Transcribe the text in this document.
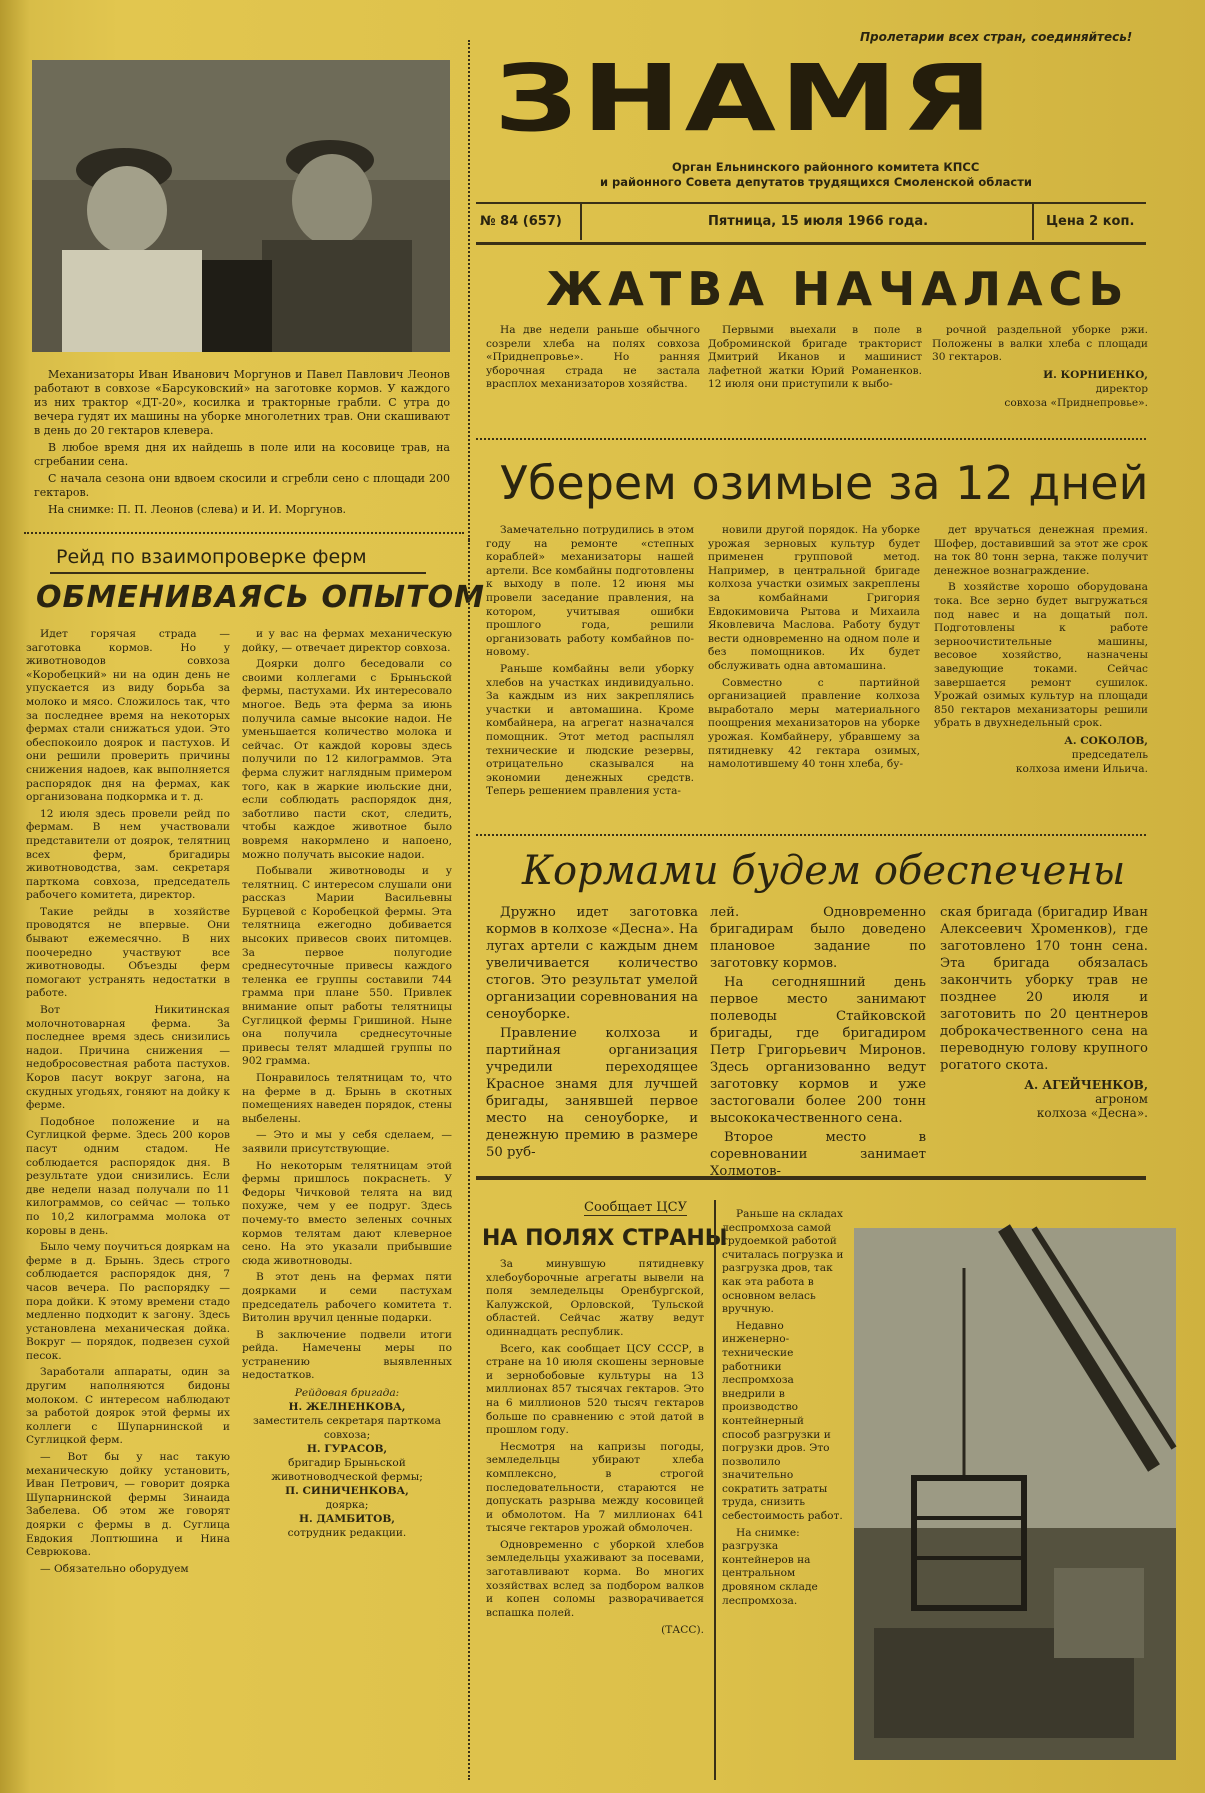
Механизаторы Иван Иванович Моргунов и Павел Павлович Леонов работают в совхозе «Барсуковский» на заготовке кормов. У каждого из них трактор «ДТ-20», косилка и тракторные грабли. С утра до вечера гудят их машины на уборке многолетних трав. Они скашивают в день до 20 гектаров клевера.

В любое время дня их найдешь в поле или на косовице трав, на сгребании сена.

С начала сезона они вдвоем скосили и сгребли сено с площади 200 гектаров.

На снимке: П. П. Леонов (слева) и И. И. Моргунов.

Пролетарии всех стран, соединяйтесь!
ЗНАМЯ
Орган Ельнинского районного комитета КПСС
и районного Совета депутатов трудящихся Смоленской области
№ 84 (657)	Пятница, 15 июля 1966 года.	Цена 2 коп.
ЖАТВА НАЧАЛАСЬ

На две недели раньше обычного созрели хлеба на полях совхоза «Приднепровье». Но ранняя уборочная страда не застала врасплох механизаторов хозяйства.

Первыми выехали в поле в Доброминской бригаде тракторист Дмитрий Иканов и машинист лафетной жатки Юрий Романенков. 12 июля они приступили к выбо-

рочной раздельной уборке ржи. Положены в валки хлеба с площади 30 гектаров.

И. КОРНИЕНКО,
директор
совхоза «Приднепровье».
Уберем озимые за 12 дней

Замечательно потрудились в этом году на ремонте «степных кораблей» механизаторы нашей артели. Все комбайны подготовлены к выходу в поле. 12 июня мы провели заседание правления, на котором, учитывая ошибки прошлого года, решили организовать работу комбайнов по-новому.

Раньше комбайны вели уборку хлебов на участках индивидуально. За каждым из них закреплялись участки и автомашина. Кроме комбайнера, на агрегат назначался помощник. Этот метод распылял технические и людские резервы, отрицательно сказывался на экономии денежных средств. Теперь решением правления уста-

новили другой порядок. На уборке урожая зерновых культур будет применен групповой метод. Например, в центральной бригаде колхоза участки озимых закреплены за комбайнами Григория Евдокимовича Рытова и Михаила Яковлевича Маслова. Работу будут вести одновременно на одном поле и без помощников. Их будет обслуживать одна автомашина.

Совместно с партийной организацией правление колхоза выработало меры материального поощрения механизаторов на уборке урожая. Комбайнеру, убравшему за пятидневку 42 гектара озимых, намолотившему 40 тонн хлеба, бу-

дет вручаться денежная премия. Шофер, доставивший за этот же срок на ток 80 тонн зерна, также получит денежное вознаграждение.

В хозяйстве хорошо оборудована тока. Все зерно будет выгружаться под навес и на дощатый пол. Подготовлены к работе зерноочистительные машины, весовое хозяйство, назначены заведующие токами. Сейчас завершается ремонт сушилок. Урожай озимых культур на площади 850 гектаров механизаторы решили убрать в двухнедельный срок.

А. СОКОЛОВ,
председатель
колхоза имени Ильича.
Кормами будем обеспечены

Дружно идет заготовка кормов в колхозе «Десна». На лугах артели с каждым днем увеличивается количество стогов. Это результат умелой организации соревнования на сеноуборке.

Правление колхоза и партийная организация учредили переходящее Красное знамя для лучшей бригады, занявшей первое место на сеноуборке, и денежную премию в размере 50 руб-

лей. Одновременно бригадирам было доведено плановое задание по заготовку кормов.

На сегодняшний день первое место занимают полеводы Стайковской бригады, где бригадиром Петр Григорьевич Миронов. Здесь организованно ведут заготовку кормов и уже застоговали более 200 тонн высококачественного сена.

Второе место в соревновании занимает Холмотов-

ская бригада (бригадир Иван Алексеевич Хроменков), где заготовлено 170 тонн сена. Эта бригада обязалась закончить уборку трав не позднее 20 июля и заготовить по 20 центнеров доброкачественного сена на переводную голову крупного рогатого скота.

А. АГЕЙЧЕНКОВ,
агроном
колхоза «Десна».
Рейд по взаимопроверке ферм
ОБМЕНИВАЯСЬ ОПЫТОМ

Идет горячая страда — заготовка кормов. Но у животноводов совхоза «Коробецкий» ни на один день не упускается из виду борьба за молоко и мясо. Сложилось так, что за последнее время на некоторых фермах стали снижаться удои. Это обеспокоило доярок и пастухов. И они решили проверить причины снижения надоев, как выполняется распорядок дня на фермах, как организована подкормка и т. д.

12 июля здесь провели рейд по фермам. В нем участвовали представители от доярок, телятниц всех ферм, бригадиры животноводства, зам. секретаря парткома совхоза, председатель рабочего комитета, директор.

Такие рейды в хозяйстве проводятся не впервые. Они бывают ежемесячно. В них поочередно участвуют все животноводы. Объезды ферм помогают устранять недостатки в работе.

Вот Никитинская молочнотоварная ферма. За последнее время здесь снизились надои. Причина снижения — недобросовестная работа пастухов. Коров пасут вокруг загона, на скудных угодьях, гоняют на дойку к ферме.

Подобное положение и на Суглицкой ферме. Здесь 200 коров пасут одним стадом. Не соблюдается распорядок дня. В результате удои снизились. Если две недели назад получали по 11 килограммов, со сейчас — только по 10,2 килограмма молока от коровы в день.

Было чему поучиться дояркам на ферме в д. Брынь. Здесь строго соблюдается распорядок дня, 7 часов вечера. По распорядку — пора дойки. К этому времени стадо медленно подходит к загону. Здесь установлена механическая дойка. Вокруг — порядок, подвезен сухой песок.

Заработали аппараты, один за другим наполняются бидоны молоком. С интересом наблюдают за работой доярок этой фермы их коллеги с Шупарнинской и Суглицкой ферм.

— Вот бы у нас такую механическую дойку установить, Иван Петрович, — говорит доярка Шупарнинской фермы Зинаида Забелева. Об этом же говорят доярки с фермы в д. Суглица Евдокия Лоптюшина и Нина Севрюкова.

— Обязательно оборудуем

и у вас на фермах механическую дойку, — отвечает директор совхоза.

Доярки долго беседовали со своими коллегами с Брыньской фермы, пастухами. Их интересовало многое. Ведь эта ферма за июнь получила самые высокие надои. Не уменьшается количество молока и сейчас. От каждой коровы здесь получили по 12 килограммов. Эта ферма служит наглядным примером того, как в жаркие июльские дни, если соблюдать распорядок дня, заботливо пасти скот, следить, чтобы каждое животное было вовремя накормлено и напоено, можно получать высокие надои.

Побывали животноводы и у телятниц. С интересом слушали они рассказ Марии Васильевны Бурцевой с Коробецкой фермы. Эта телятница ежегодно добивается высоких привесов своих питомцев. За первое полугодие среднесуточные привесы каждого теленка ее группы составили 744 грамма при плане 550. Привлек внимание опыт работы телятницы Суглицкой фермы Гришиной. Ныне она получила среднесуточные привесы телят младшей группы по 902 грамма.

Понравилось телятницам то, что на ферме в д. Брынь в скотных помещениях наведен порядок, стены выбелены.

— Это и мы у себя сделаем, — заявили присутствующие.

Но некоторым телятницам этой фермы пришлось покраснеть. У Федоры Чичковой телята на вид похуже, чем у ее подруг. Здесь почему-то вместо зеленых сочных кормов телятам дают клеверное сено. На это указали прибывшие сюда животноводы.

В этот день на фермах пяти доярками и семи пастухам председатель рабочего комитета т. Витолин вручил ценные подарки.

В заключение подвели итоги рейда. Намечены меры по устранению выявленных недостатков.

Рейдовая бригада:
Н. ЖЕЛНЕНКОВА,
заместитель секретаря парткома совхоза;
Н. ГУРАСОВ,
бригадир Брыньской животноводческой фермы;
П. СИНИЧЕНКОВА,
доярка;
Н. ДАМБИТОВ,
сотрудник редакции.
Сообщает ЦСУ
НА ПОЛЯХ СТРАНЫ

За минувшую пятидневку хлебоуборочные агрегаты вывели на поля земледельцы Оренбургской, Калужской, Орловской, Тульской областей. Сейчас жатву ведут одиннадцать республик.

Всего, как сообщает ЦСУ СССР, в стране на 10 июля скошены зерновые и зернобобовые культуры на 13 миллионах 857 тысячах гектаров. Это на 6 миллионов 520 тысяч гектаров больше по сравнению с этой датой в прошлом году.

Несмотря на капризы погоды, земледельцы убирают хлеба комплексно, в строгой последовательности, стараются не допускать разрыва между косовицей и обмолотом. На 7 миллионах 641 тысяче гектаров урожай обмолочен.

Одновременно с уборкой хлебов земледельцы ухаживают за посевами, заготавливают корма. Во многих хозяйствах вслед за подбором валков и копен соломы разворачивается вспашка полей.

(ТАСС).

Раньше на складах леспромхоза самой трудоемкой работой считалась погрузка и разгрузка дров, так как эта работа в основном велась вручную.

Недавно инженерно-технические работники леспромхоза внедрили в производство контейнерный способ разгрузки и погрузки дров. Это позволило значительно сократить затраты труда, снизить себестоимость работ.

На снимке: разгрузка контейнеров на центральном дровяном складе леспромхоза.
